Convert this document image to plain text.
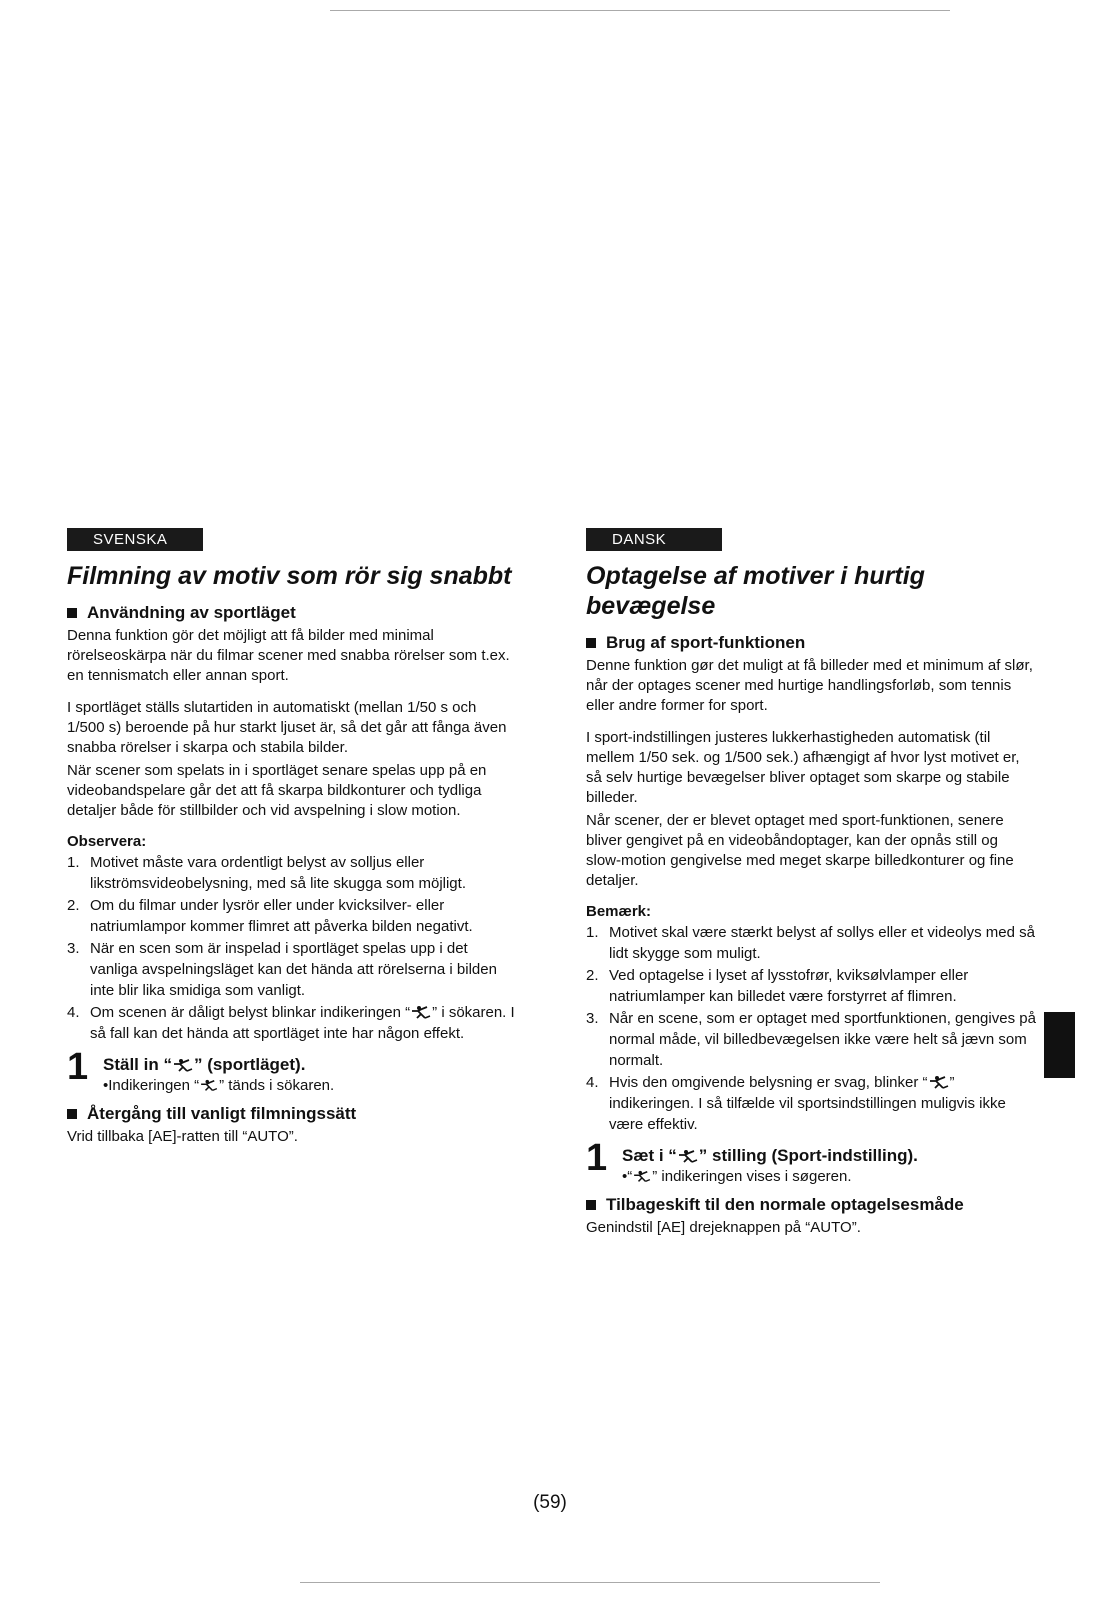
SVENSKA
Filmning av motiv som rör sig snabbt
Användning av sportläget

Denna funktion gör det möjligt att få bilder med minimal rörelseoskärpa när du filmar scener med snabba rörelser som t.ex. en tennismatch eller annan sport.

I sportläget ställs slutartiden in automatiskt (mellan 1/50 s och 1/500 s) beroende på hur starkt ljuset är, så det går att fånga även snabba rörelser i skarpa och stabila bilder.

När scener som spelats in i sportläget senare spelas upp på en videobandspelare går det att få skarpa bildkonturer och tydliga detaljer både för stillbilder och vid avspelning i slow motion.

Observera:
1. Motivet måste vara ordentligt belyst av solljus eller likströmsvideobelysning, med så lite skugga som möjligt.
2. Om du filmar under lysrör eller under kvicksilver- eller natriumlampor kommer flimret att påverka bilden negativt.
3. När en scen som är inspelad i sportläget spelas upp i det vanliga avspelningsläget kan det hända att rörelserna i bilden inte blir lika smidiga som vanligt.
4. Om scenen är dåligt belyst blinkar indikeringen “ ” i sökaren. I så fall kan det hända att sportläget inte har någon effekt.
1 Ställ in “ ” (sportläget).
•Indikeringen “ ” tänds i sökaren.
Återgång till vanligt filmningssätt

Vrid tillbaka [AE]-ratten till “AUTO”.

DANSK
Optagelse af motiver i hurtig bevægelse
Brug af sport-funktionen

Denne funktion gør det muligt at få billeder med et minimum af slør, når der optages scener med hurtige handlingsforløb, som tennis eller andre former for sport.

I sport-indstillingen justeres lukkerhastigheden automatisk (til mellem 1/50 sek. og 1/500 sek.) afhængigt af hvor lyst motivet er, så selv hurtige bevægelser bliver optaget som skarpe og stabile billeder.

Når scener, der er blevet optaget med sport-funktionen, senere bliver gengivet på en videobåndoptager, kan der opnås still og slow-motion gengivelse med meget skarpe billedkonturer og fine detaljer.

Bemærk:
1. Motivet skal være stærkt belyst af sollys eller et videolys med så lidt skygge som muligt.
2. Ved optagelse i lyset af lysstofrør, kviksølvlamper eller natriumlamper kan billedet være forstyrret af flimren.
3. Når en scene, som er optaget med sportfunktionen, gengives på normal måde, vil billedbevægelsen ikke være helt så jævn som normalt.
4. Hvis den omgivende belysning er svag, blinker “ ” indikeringen. I så tilfælde vil sportsindstillingen muligvis ikke være effektiv.
1 Sæt i “ ” stilling (Sport-indstilling).
•“ ” indikeringen vises i søgeren.
Tilbageskift til den normale optagelsesmåde

Genindstil [AE] drejeknappen på “AUTO”.

(59)
